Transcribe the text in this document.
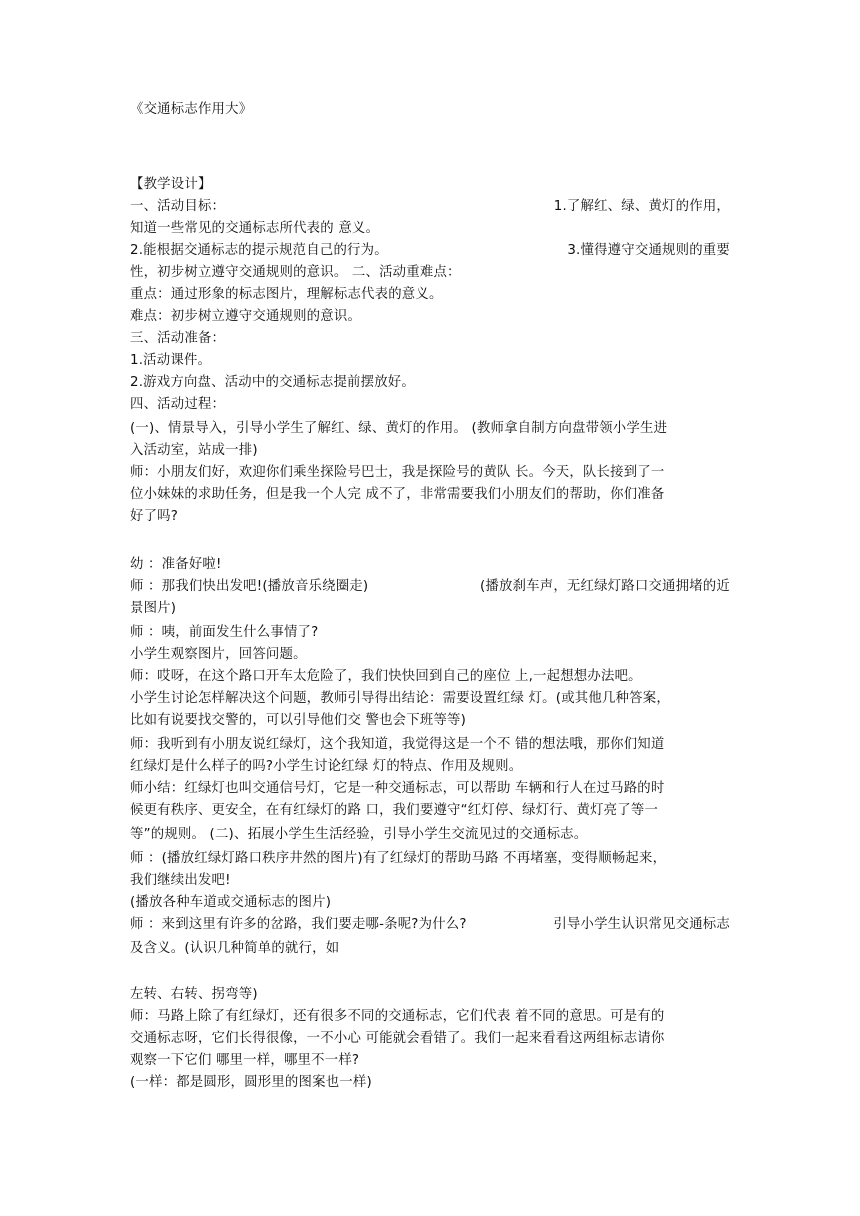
《交通标志作用大》
【教学设计】
一、活动目标：	1.了解红、绿、黄灯的作用，
知道一些常见的交通标志所代表的 意义。
2.能根据交通标志的提示规范自己的行为。	3.懂得遵守交通规则的重要
性，初步树立遵守交通规则的意识。 二、活动重难点：
重点：通过形象的标志图片，理解标志代表的意义。
难点：初步树立遵守交通规则的意识。
三、活动准备：
1.活动课件。
2.游戏方向盘、活动中的交通标志提前摆放好。
四、活动过程：
(一)、情景导入，引导小学生了解红、绿、黄灯的作用。 (教师拿自制方向盘带领小学生进
入活动室，站成一排)
师：小朋友们好，欢迎你们乘坐探险号巴士，我是探险号的黄队 长。今天，队长接到了一
位小妹妹的求助任务，但是我一个人完 成不了，非常需要我们小朋友们的帮助，你们准备
好了吗?
幼 ：准备好啦!
师 ：那我们快出发吧!(播放音乐绕圈走)	(播放刹车声，无红绿灯路口交通拥堵的近
景图片)
师 ：咦，前面发生什么事情了?
小学生观察图片，回答问题。
师：哎呀，在这个路口开车太危险了，我们快快回到自己的座位 上,一起想想办法吧。
小学生讨论怎样解决这个问题，教师引导得出结论：需要设置红绿 灯。(或其他几种答案，
比如有说要找交警的，可以引导他们交 警也会下班等等)
师：我听到有小朋友说红绿灯，这个我知道，我觉得这是一个不 错的想法哦，那你们知道
红绿灯是什么样子的吗?小学生讨论红绿 灯的特点、作用及规则。
师小结：红绿灯也叫交通信号灯，它是一种交通标志，可以帮助 车辆和行人在过马路的时
候更有秩序、更安全，在有红绿灯的路 口，我们要遵守“红灯停、绿灯行、黄灯亮了等一
等”的规则。 (二)、拓展小学生生活经验，引导小学生交流见过的交通标志。
师 ：(播放红绿灯路口秩序井然的图片)有了红绿灯的帮助马路 不再堵塞，变得顺畅起来，
我们继续出发吧!
(播放各种车道或交通标志的图片)
师 ：来到这里有许多的岔路，我们要走哪-条呢?为什么?	引导小学生认识常见交通标志
及含义。(认识几种简单的就行，如
左转、右转、拐弯等)
师：马路上除了有红绿灯，还有很多不同的交通标志，它们代表 着不同的意思。可是有的
交通标志呀，它们长得很像，一不小心 可能就会看错了。我们一起来看看这两组标志请你
观察一下它们 哪里一样，哪里不一样?
(一样：都是圆形，圆形里的图案也一样)
